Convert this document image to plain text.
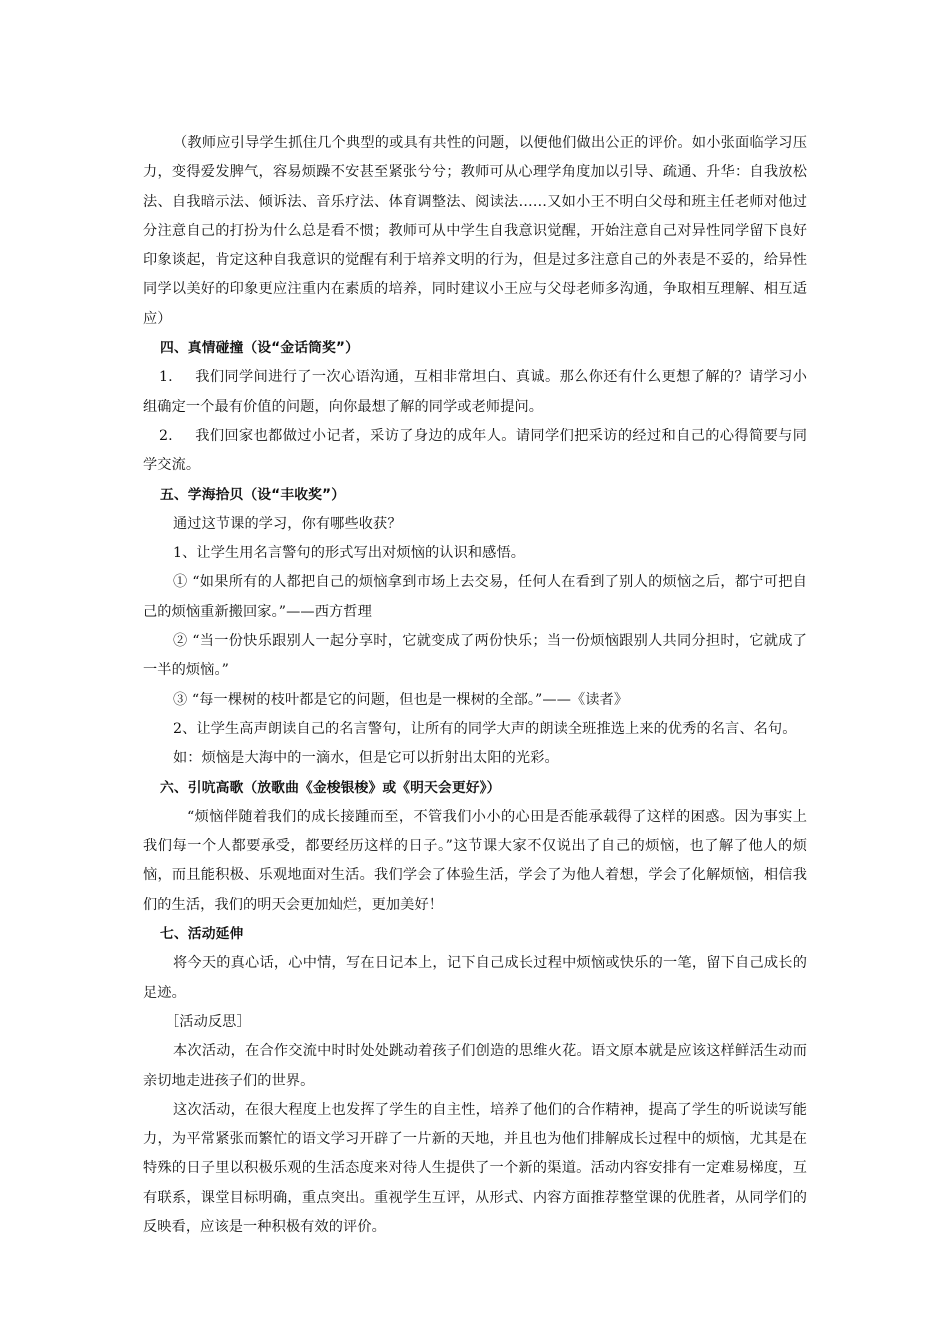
（教师应引导学生抓住几个典型的或具有共性的问题，以便他们做出公正的评价。如小张面临学习压力，变得爱发脾气，容易烦躁不安甚至紧张兮兮；教师可从心理学角度加以引导、疏通、升华：自我放松法、自我暗示法、倾诉法、音乐疗法、体育调整法、阅读法……又如小王不明白父母和班主任老师对他过分注意自己的打扮为什么总是看不惯；教师可从中学生自我意识觉醒，开始注意自己对异性同学留下良好印象谈起，肯定这种自我意识的觉醒有利于培养文明的行为，但是过多注意自己的外表是不妥的，给异性同学以美好的印象更应注重内在素质的培养，同时建议小王应与父母老师多沟通，争取相互理解、相互适应）

四、真情碰撞（设“金话筒奖”）

1. 我们同学间进行了一次心语沟通，互相非常坦白、真诚。那么你还有什么更想了解的？请学习小组确定一个最有价值的问题，向你最想了解的同学或老师提问。

2. 我们回家也都做过小记者，采访了身边的成年人。请同学们把采访的经过和自己的心得简要与同学交流。

五、学海拾贝（设“丰收奖”）

通过这节课的学习，你有哪些收获？

1、让学生用名言警句的形式写出对烦恼的认识和感悟。

① “如果所有的人都把自己的烦恼拿到市场上去交易，任何人在看到了别人的烦恼之后，都宁可把自己的烦恼重新搬回家。”——西方哲理

② “当一份快乐跟别人一起分享时，它就变成了两份快乐；当一份烦恼跟别人共同分担时，它就成了一半的烦恼。”

③ “每一棵树的枝叶都是它的问题，但也是一棵树的全部。”——《读者》

2、让学生高声朗读自己的名言警句，让所有的同学大声的朗读全班推选上来的优秀的名言、名句。

如：烦恼是大海中的一滴水，但是它可以折射出太阳的光彩。

六、引吭高歌（放歌曲《金梭银梭》或《明天会更好》）

“烦恼伴随着我们的成长接踵而至，不管我们小小的心田是否能承载得了这样的困惑。因为事实上我们每一个人都要承受，都要经历这样的日子。”这节课大家不仅说出了自己的烦恼，也了解了他人的烦恼，而且能积极、乐观地面对生活。我们学会了体验生活，学会了为他人着想，学会了化解烦恼，相信我们的生活，我们的明天会更加灿烂，更加美好！

七、活动延伸

将今天的真心话，心中情，写在日记本上，记下自己成长过程中烦恼或快乐的一笔，留下自己成长的足迹。

［活动反思］

本次活动，在合作交流中时时处处跳动着孩子们创造的思维火花。语文原本就是应该这样鲜活生动而亲切地走进孩子们的世界。

这次活动，在很大程度上也发挥了学生的自主性，培养了他们的合作精神，提高了学生的听说读写能力，为平常紧张而繁忙的语文学习开辟了一片新的天地，并且也为他们排解成长过程中的烦恼，尤其是在特殊的日子里以积极乐观的生活态度来对待人生提供了一个新的渠道。活动内容安排有一定难易梯度，互有联系，课堂目标明确，重点突出。重视学生互评，从形式、内容方面推荐整堂课的优胜者，从同学们的反映看，应该是一种积极有效的评价。
